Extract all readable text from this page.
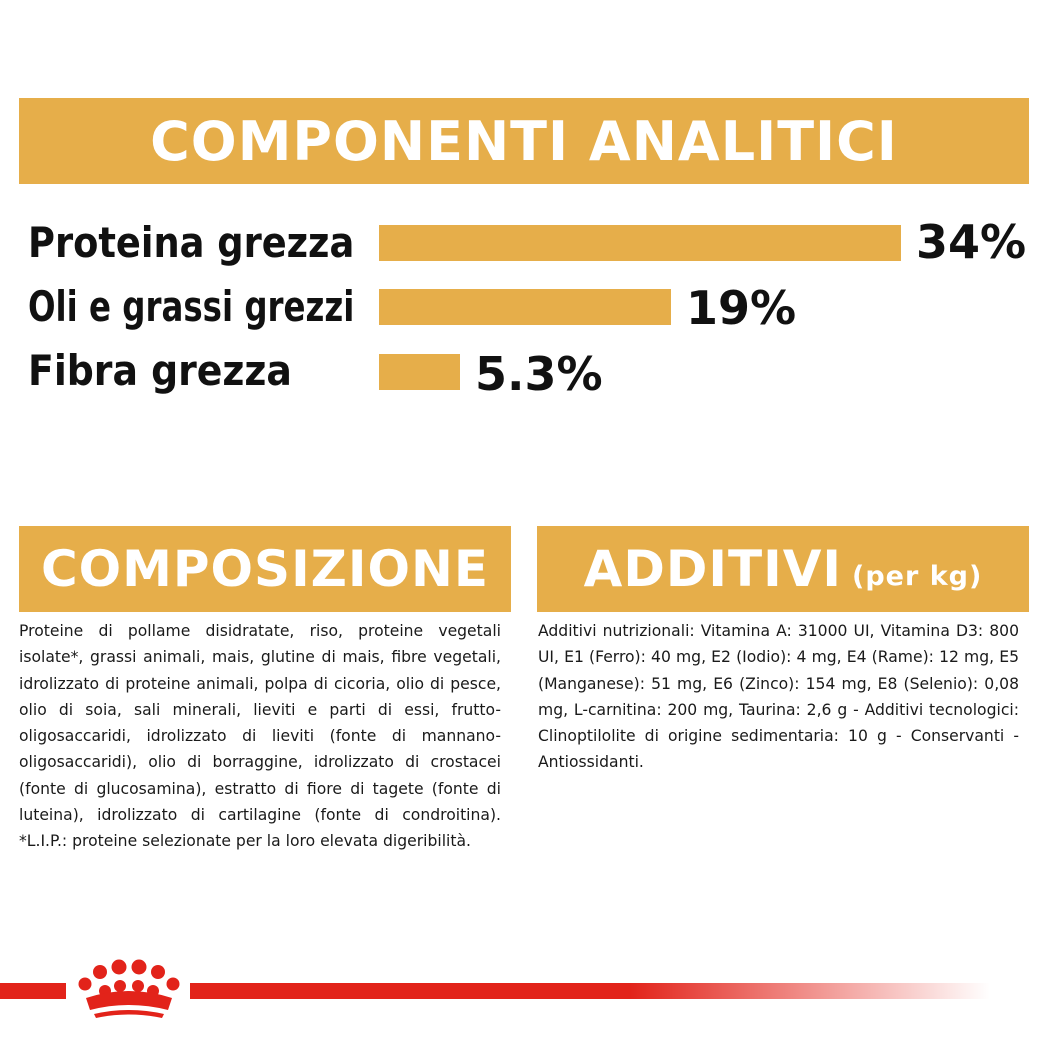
COMPONENTI ANALITICI
Proteina grezza	34%
Oli e grassi grezzi	19%
Fibra grezza	5.3%
COMPOSIZIONE ADDITIVI (per kg)

Proteine di pollame disidratate, riso, proteine vegetali isolate*, grassi animali, mais, glutine di mais, fibre vegetali, idrolizzato di proteine animali, polpa di cicoria, olio di pesce, olio di soia, sali minerali, lieviti e parti di essi, frutto-oligosaccaridi, idrolizzato di lieviti (fonte di mannano-oligosaccaridi), olio di borraggine, idrolizzato di crostacei (fonte di glucosamina), estratto di fiore di tagete (fonte di luteina), idrolizzato di cartilagine (fonte di condroitina). *L.I.P.: proteine selezionate per la loro elevata digeribilità.

Additivi nutrizionali: Vitamina A: 31000 UI, Vitamina D3: 800 UI, E1 (Ferro): 40 mg, E2 (Iodio): 4 mg, E4 (Rame): 12 mg, E5 (Manganese): 51 mg, E6 (Zinco): 154 mg, E8 (Selenio): 0,08 mg, L-carnitina: 200 mg, Taurina: 2,6 g - Additivi tecnologici: Clinoptilolite di origine sedimentaria: 10 g - Conservanti - Antiossidanti.
